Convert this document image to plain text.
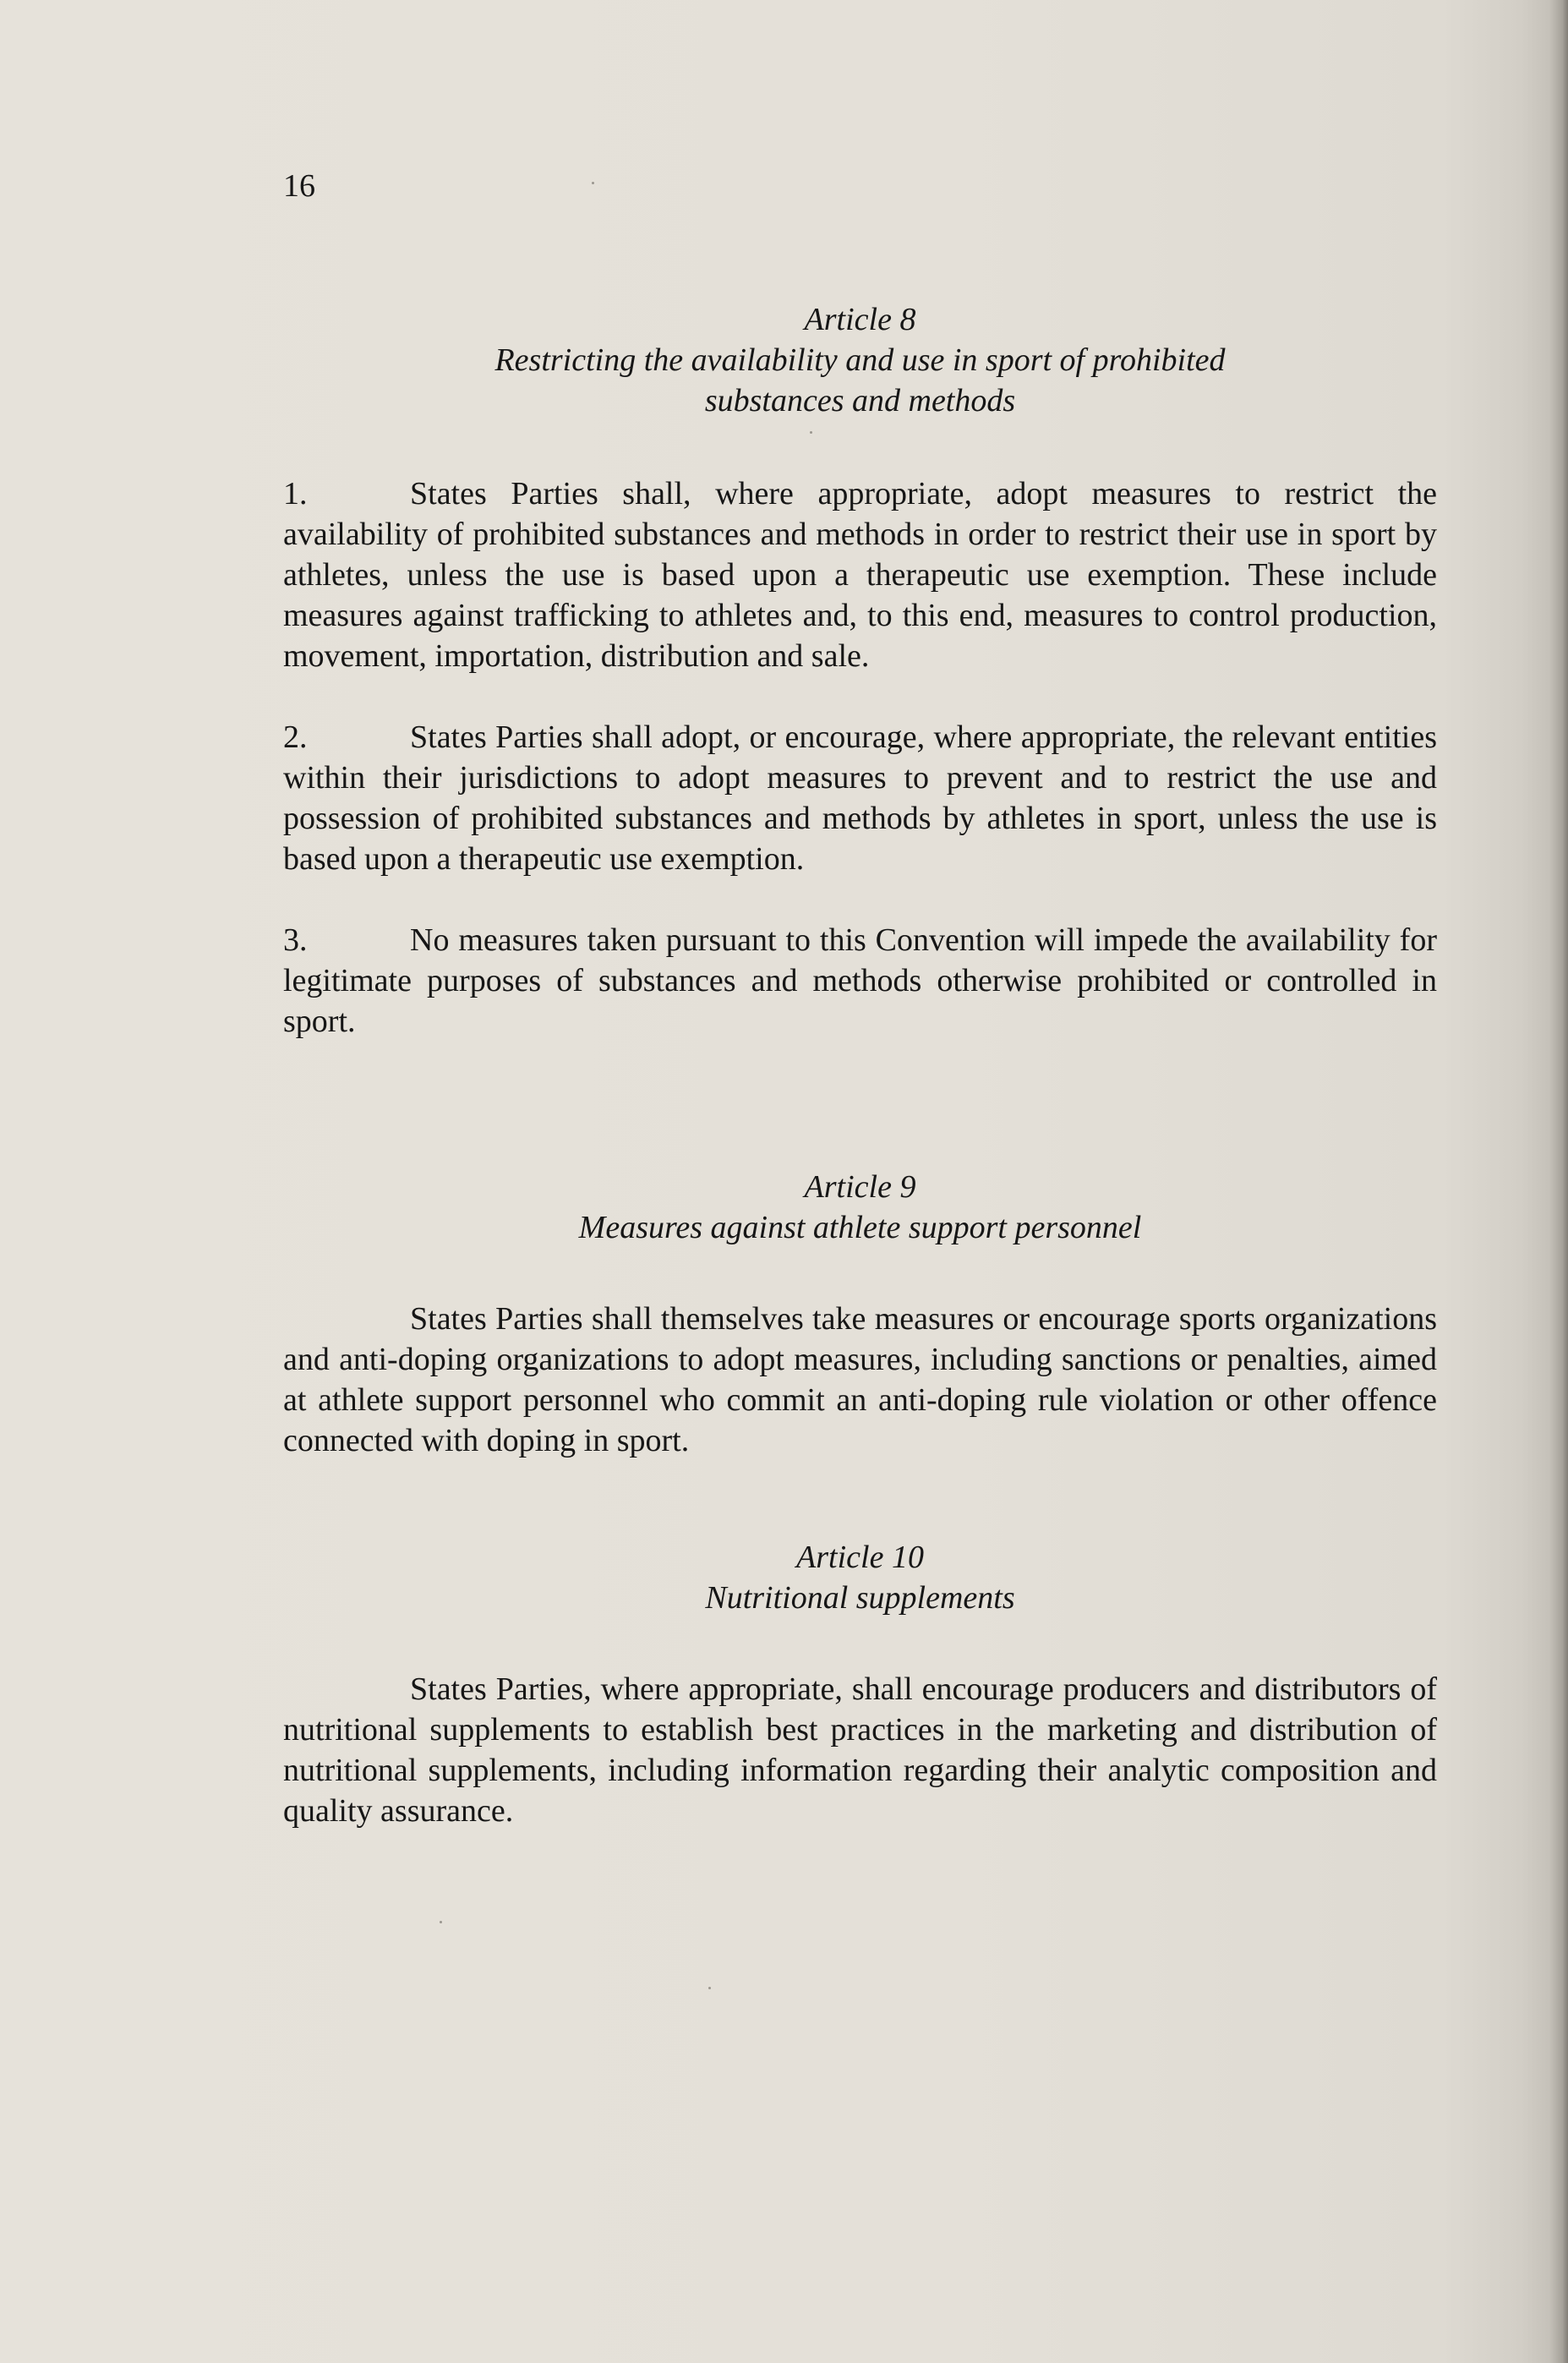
16

Article 8

Restricting the availability and use in sport of prohibited

substances and methods

1.	States Parties shall, where appropriate, adopt measures to restrict the availability of prohibited substances and methods in order to restrict their use in sport by athletes, unless the use is based upon a therapeutic use exemption. These include measures against trafficking to athletes and, to this end, measures to control production, movement, importation, distribution and sale.

2.	States Parties shall adopt, or encourage, where appropriate, the relevant entities within their jurisdictions to adopt measures to prevent and to restrict the use and possession of prohibited substances and methods by athletes in sport, unless the use is based upon a therapeutic use exemption.

3.	No measures taken pursuant to this Convention will impede the availability for legitimate purposes of substances and methods otherwise prohibited or controlled in sport.

Article 9

Measures against athlete support personnel

States Parties shall themselves take measures or encourage sports organizations and anti-doping organizations to adopt measures, including sanctions or penalties, aimed at athlete support personnel who commit an anti-doping rule violation or other offence connected with doping in sport.

Article 10

Nutritional supplements

States Parties, where appropriate, shall encourage producers and distributors of nutritional supplements to establish best practices in the marketing and distribution of nutritional supplements, including information regarding their analytic composition and quality assurance.
